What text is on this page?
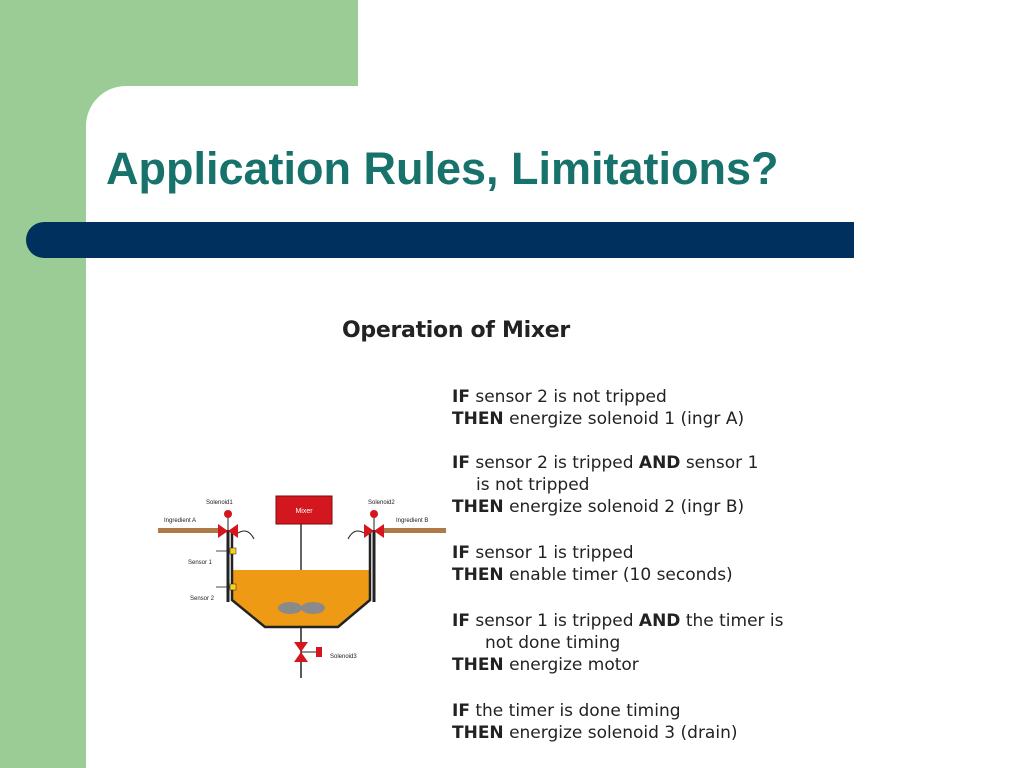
Application Rules, Limitations?
Operation of Mixer
Mixer
Ingredient A
Solenoid1
Ingredient B
Solenoid2
Sensor 1
Sensor 2
Solenoid3
IF sensor 2 is not tripped
THEN energize solenoid 1 (ingr A)
IF sensor 2 is tripped AND sensor 1
is not tripped
THEN energize solenoid 2 (ingr B)
IF sensor 1 is tripped
THEN enable timer (10 seconds)
IF sensor 1 is tripped AND the timer is
not done timing
THEN energize motor
IF the timer is done timing
THEN energize solenoid 3 (drain)
